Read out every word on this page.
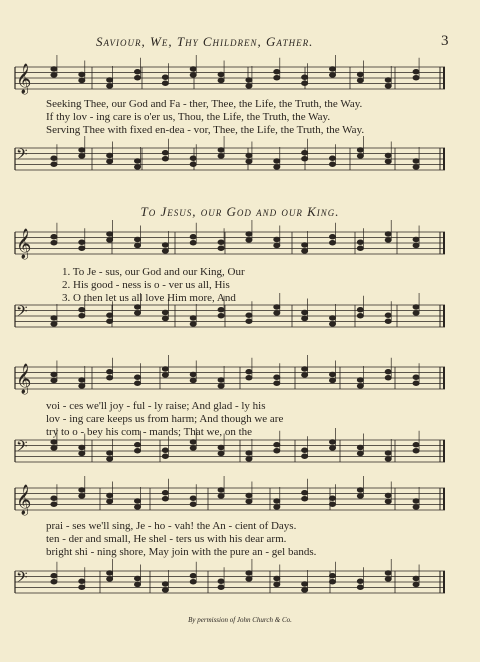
Saviour, We, Thy Children, Gather.	3
𝄞
𝄢
𝄞
𝄢
𝄞
𝄢
𝄞
𝄢
Seeking Thee, our God and Fa - ther, Thee, the Life, the Truth, the Way.
If thy lov - ing care is o'er us, Thou, the Life, the Truth, the Way.
Serving Thee with fixed en-dea - vor, Thee, the Life, the Truth, the Way.
To Jesus, our God and our King.
1. To Je - sus, our God and our King, Our
2. His good - ness is o - ver us all, His
3. O then let us all love Him more, And
voi - ces we'll joy - ful - ly raise; And glad - ly his
lov - ing care keeps us from harm; And though we are
try to o - bey his com - mands; That we, on the
prai - ses we'll sing, Je - ho - vah! the An - cient of Days.
ten - der and small, He shel - ters us with his dear arm.
bright shi - ning shore, May join with the pure an - gel bands.
By permission of John Church & Co.
